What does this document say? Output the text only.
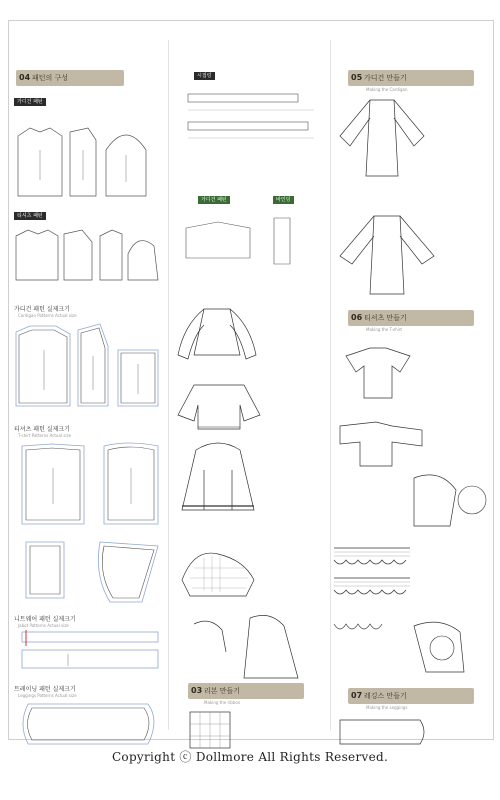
04 패턴의 구성
가디건 패턴
티셔츠 패턴
가디건 패턴 실제크기
Cardigan Patterns Actual size
티셔츠 패턴 실제크기
T-shirt Patterns Actual size
니트웨어 패턴 실제크기
Jabot Patterns Actual size
트레이닝 패턴 실제크기
Leggings Patterns Actual size
시접링
가디건 패턴	바인딩
03 리본 만들기
Making the ribbon
05 가디건 만들기
Making the Cardigan
06 티셔츠 만들기
Making the T-shirt
07 레깅스 만들기
Making the Leggings
Copyright ⓒ Dollmore All Rights Reserved.
